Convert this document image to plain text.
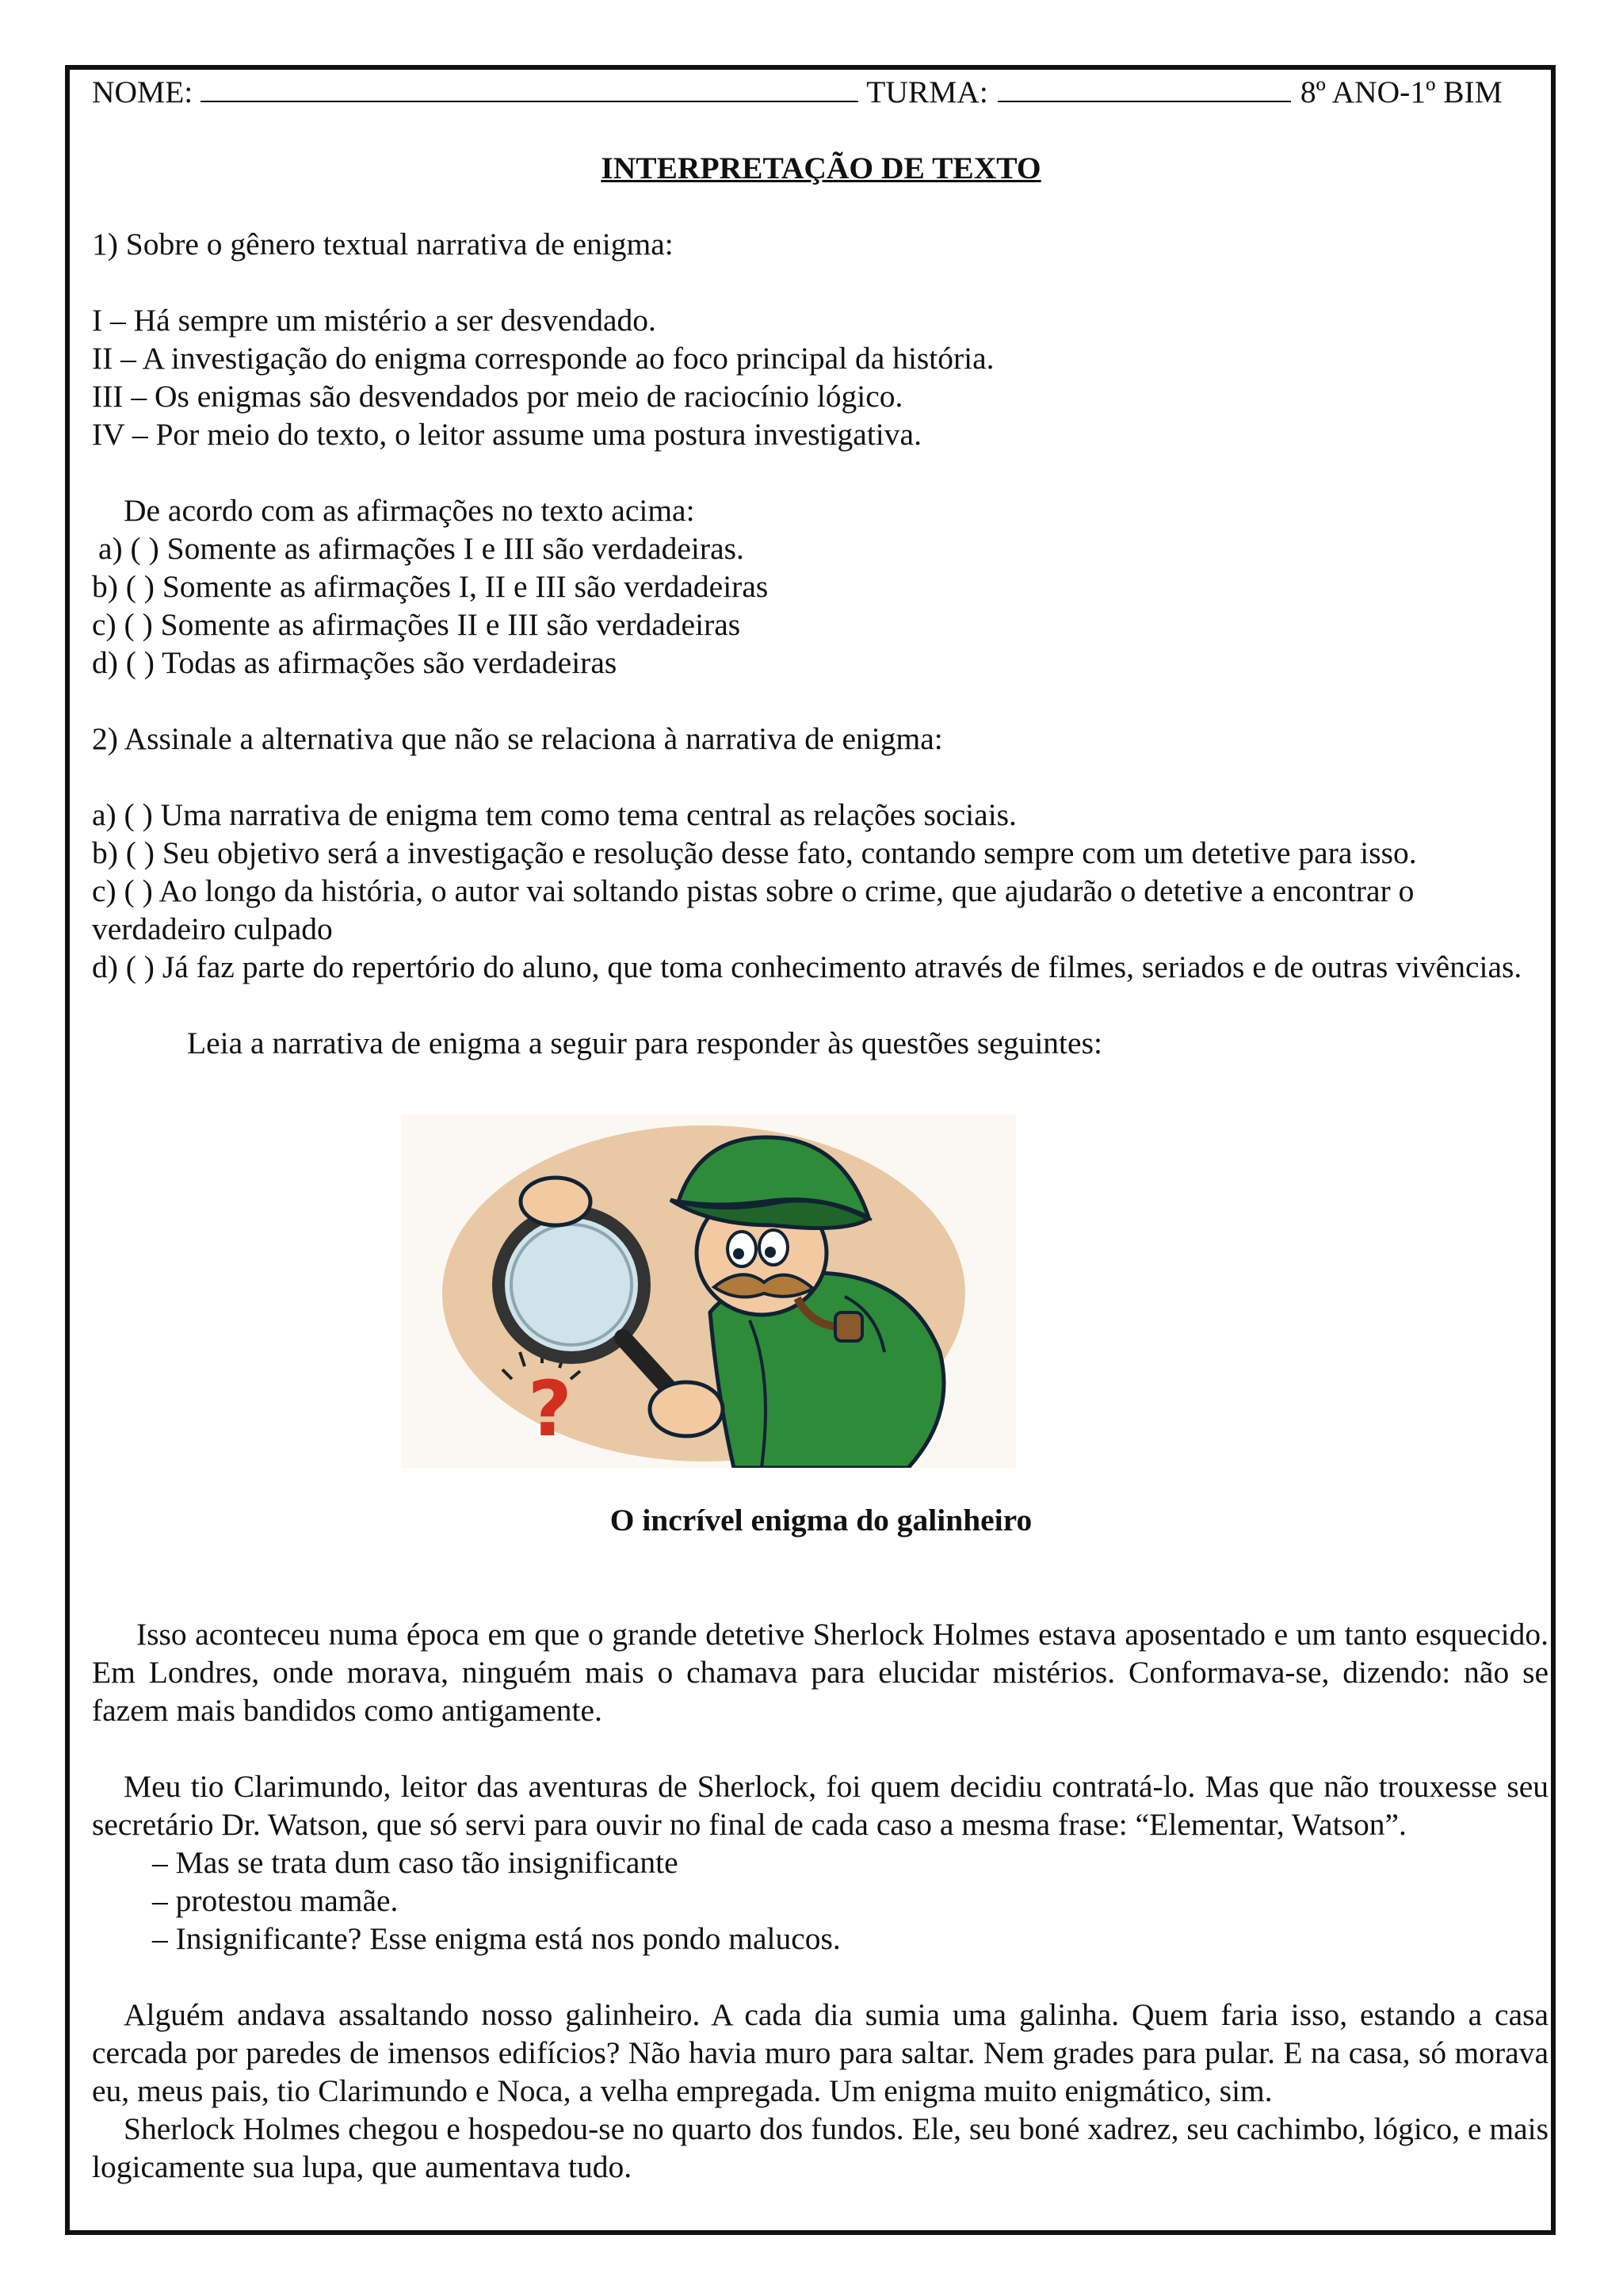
NOME:	TURMA:	8º ANO-1º BIM
INTERPRETAÇÃO DE TEXTO
1) Sobre o gênero textual narrativa de enigma:
I – Há sempre um mistério a ser desvendado.
II – A investigação do enigma corresponde ao foco principal da história.
III – Os enigmas são desvendados por meio de raciocínio lógico.
IV – Por meio do texto, o leitor assume uma postura investigativa.
De acordo com as afirmações no texto acima:
a) ( ) Somente as afirmações I e III são verdadeiras.
b) ( ) Somente as afirmações I, II e III são verdadeiras
c) ( ) Somente as afirmações II e III são verdadeiras
d) ( ) Todas as afirmações são verdadeiras
2) Assinale a alternativa que não se relaciona à narrativa de enigma:
a) ( ) Uma narrativa de enigma tem como tema central as relações sociais.
b) ( ) Seu objetivo será a investigação e resolução desse fato, contando sempre com um detetive para isso.
c) ( ) Ao longo da história, o autor vai soltando pistas sobre o crime, que ajudarão o detetive a encontrar o verdadeiro culpado
d) ( ) Já faz parte do repertório do aluno, que toma conhecimento através de filmes, seriados e de outras vivências.
Leia a narrativa de enigma a seguir para responder às questões seguintes:
O incrível enigma do galinheiro
Isso aconteceu numa época em que o grande detetive Sherlock Holmes estava aposentado e um tanto esquecido. Em Londres, onde morava, ninguém mais o chamava para elucidar mistérios. Conformava-se, dizendo: não se fazem mais bandidos como antigamente.
Meu tio Clarimundo, leitor das aventuras de Sherlock, foi quem decidiu contratá-lo. Mas que não trouxesse seu secretário Dr. Watson, que só servi para ouvir no final de cada caso a mesma frase: “Elementar, Watson”.
– Mas se trata dum caso tão insignificante
– protestou mamãe.
– Insignificante? Esse enigma está nos pondo malucos.
Alguém andava assaltando nosso galinheiro. A cada dia sumia uma galinha. Quem faria isso, estando a casa cercada por paredes de imensos edifícios? Não havia muro para saltar. Nem grades para pular. E na casa, só morava eu, meus pais, tio Clarimundo e Noca, a velha empregada. Um enigma muito enigmático, sim.
Sherlock Holmes chegou e hospedou-se no quarto dos fundos. Ele, seu boné xadrez, seu cachimbo, lógico, e mais logicamente sua lupa, que aumentava tudo.
?
